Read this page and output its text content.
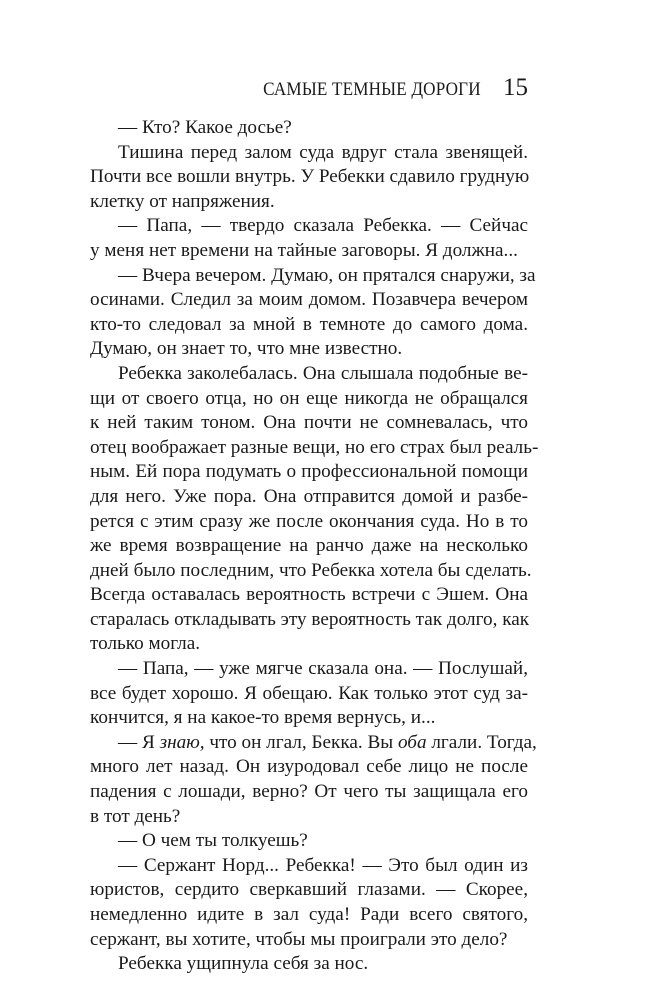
САМЫЕ ТЕМНЫЕ ДОРОГИ 15
— Кто? Какое досье?
Тишина перед залом суда вдруг стала звенящей.
Почти все вошли внутрь. У Ребекки сдавило грудную
клетку от напряжения.
— Папа, — твердо сказала Ребекка. — Сейчас
у меня нет времени на тайные заговоры. Я должна...
— Вчера вечером. Думаю, он прятался снаружи, за
осинами. Следил за моим домом. Позавчера вечером
кто-то следовал за мной в темноте до самого дома.
Думаю, он знает то, что мне известно.
Ребекка заколебалась. Она слышала подобные ве-
щи от своего отца, но он еще никогда не обращался
к ней таким тоном. Она почти не сомневалась, что
отец воображает разные вещи, но его страх был реаль-
ным. Ей пора подумать о профессиональной помощи
для него. Уже пора. Она отправится домой и разбе-
рется с этим сразу же после окончания суда. Но в то
же время возвращение на ранчо даже на несколько
дней было последним, что Ребекка хотела бы сделать.
Всегда оставалась вероятность встречи с Эшем. Она
старалась откладывать эту вероятность так долго, как
только могла.
— Папа, — уже мягче сказала она. — Послушай,
все будет хорошо. Я обещаю. Как только этот суд за-
кончится, я на какое-то время вернусь, и...
— Я знаю, что он лгал, Бекка. Вы оба лгали. Тогда,
много лет назад. Он изуродовал себе лицо не после
падения с лошади, верно? От чего ты защищала его
в тот день?
— О чем ты толкуешь?
— Сержант Норд... Ребекка! — Это был один из
юристов, сердито сверкавший глазами. — Скорее,
немедленно идите в зал суда! Ради всего святого,
сержант, вы хотите, чтобы мы проиграли это дело?
Ребекка ущипнула себя за нос.
